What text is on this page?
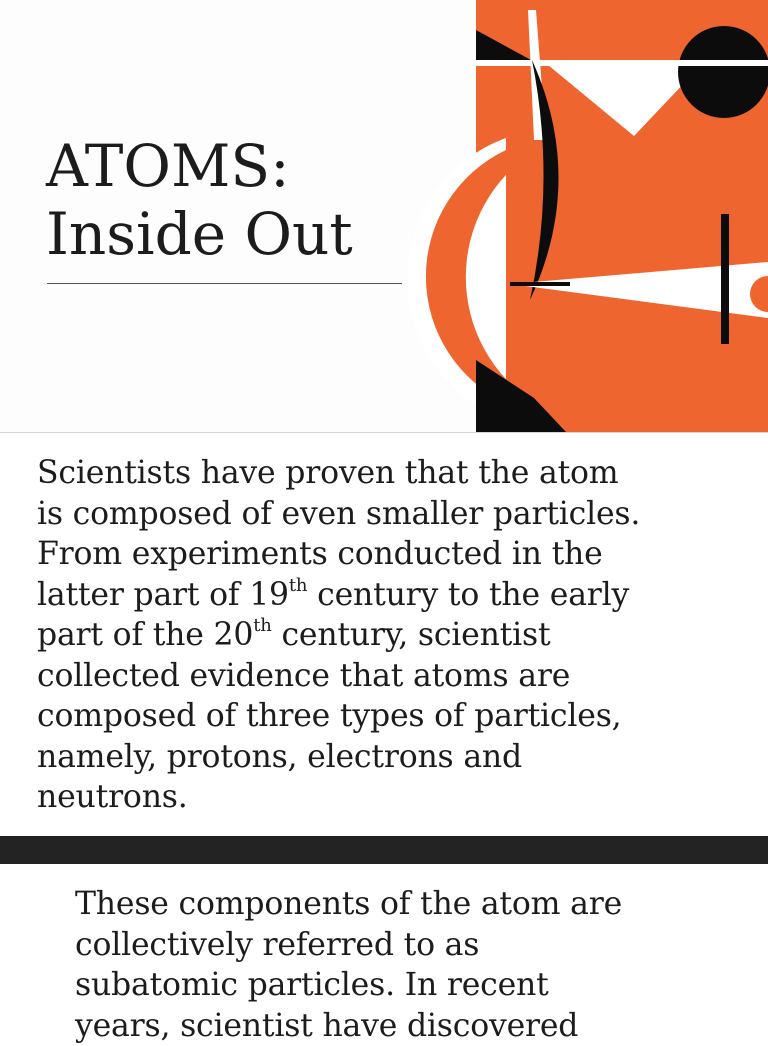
ATOMS:
Inside Out

Scientists have proven that the atom
is composed of even smaller particles.
From experiments conducted in the
latter part of 19th century to the early
part of the 20th century, scientist
collected evidence that atoms are
composed of three types of particles,
namely, protons, electrons and
neutrons.

These components of the atom are
collectively referred to as
subatomic particles. In recent
years, scientist have discovered
